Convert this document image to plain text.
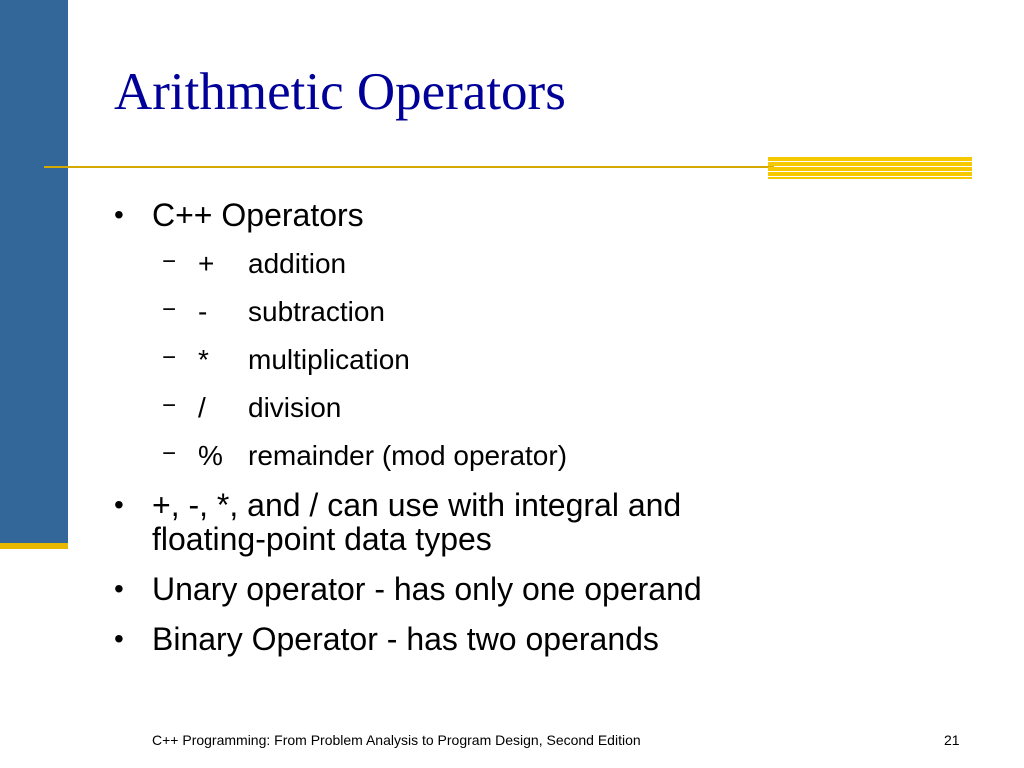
Arithmetic Operators
• C++ Operators
− + addition
− - subtraction
− * multiplication
− / division
− % remainder (mod operator)
• +, -, *, and / can use with integral and
floating-point data types
• Unary operator - has only one operand
• Binary Operator - has two operands
C++ Programming: From Problem Analysis to Program Design, Second Edition	21
